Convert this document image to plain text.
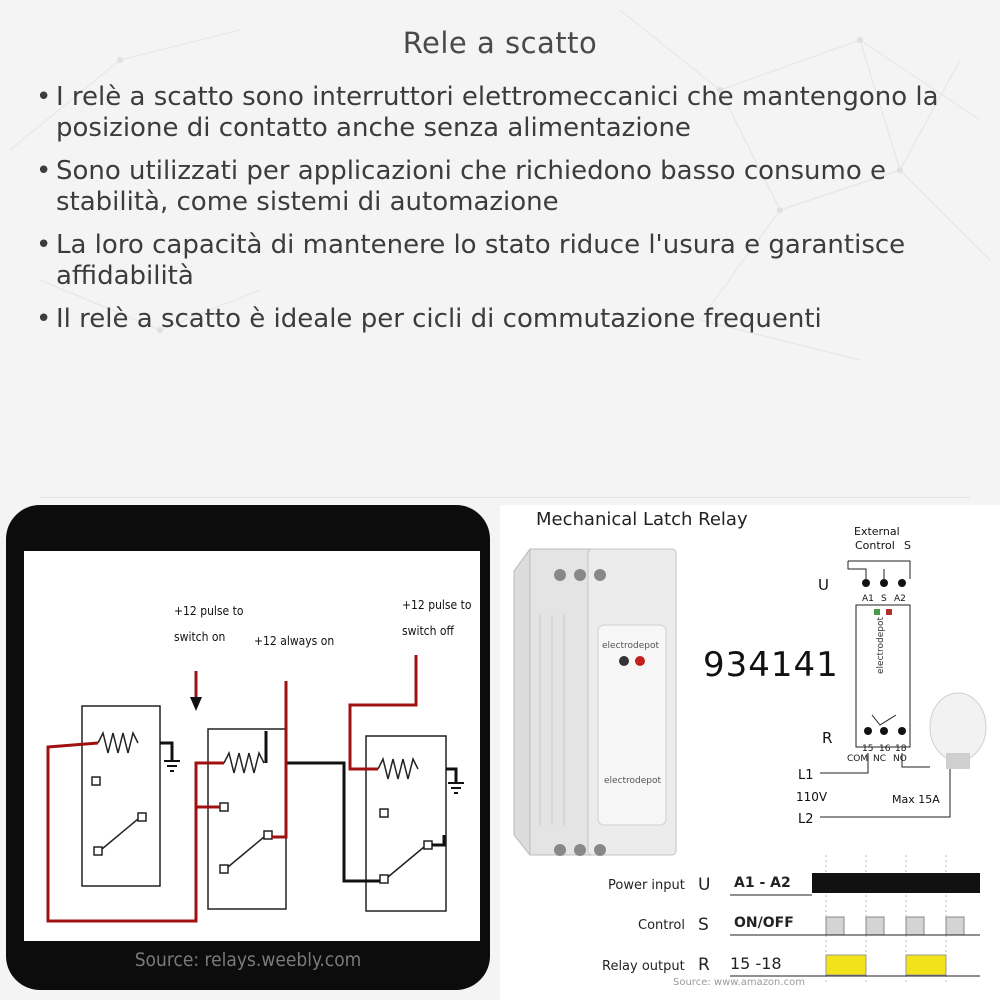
Rele a scatto
• I relè a scatto sono interruttori elettromeccanici che mantengono la posizione di contatto anche senza alimentazione
• Sono utilizzati per applicazioni che richiedono basso consumo e stabilità, come sistemi di automazione
• La loro capacità di mantenere lo stato riduce l'usura e garantisce affidabilità
• Il relè a scatto è ideale per cicli di commutazione frequenti
+12 pulse to
switch on +12 always on
+12 pulse to
switch off
Source: relays.weebly.com
Mechanical Latch Relay
934141
electrodepot
electrodepot
External
Control S
U
R
A1 S A2
15 16 18
COM NC NO
L1
L2
110V	Max 15A
electrodepot
Power input U A1 - A2
Control S ON/OFF
Relay output R 15 -18
Source: www.amazon.com
